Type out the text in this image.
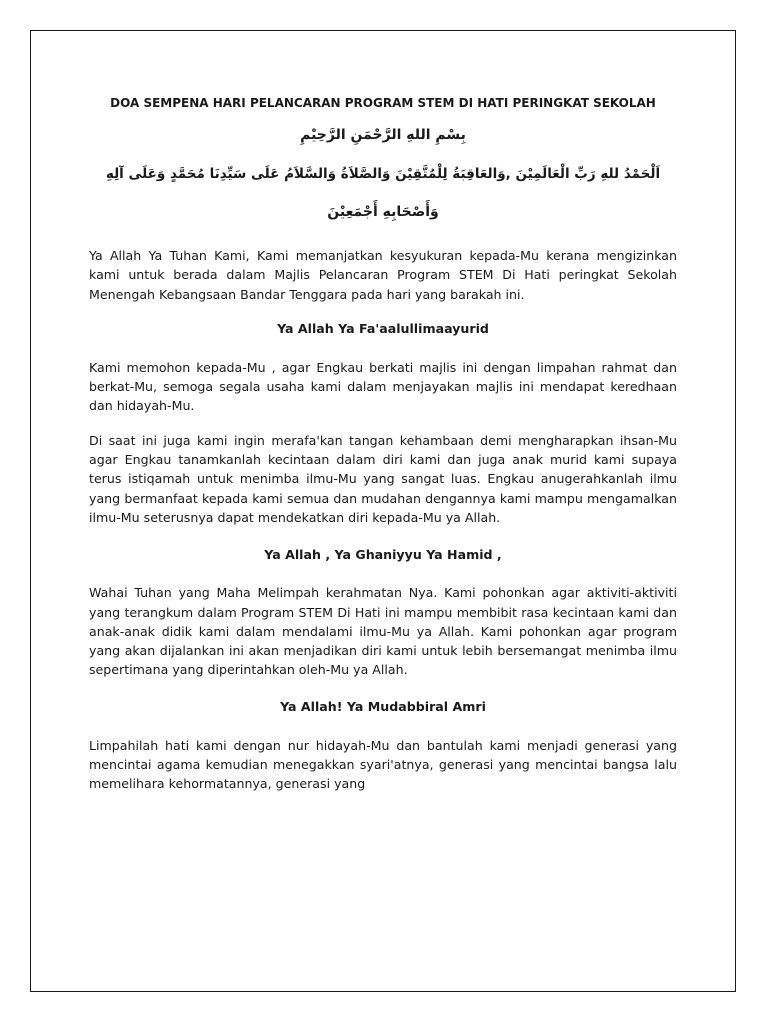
DOA SEMPENA HARI PELANCARAN PROGRAM STEM DI HATI PERINGKAT SEKOLAH

بِسْمِ اللهِ الرَّحْمَنِ الرَّحِيْمِ

اَلْحَمْدُ للهِ رَبِّ الْعَالَمِيْنَ ,وَالعَاقِبَةُ لِلْمُتَّقِيْنَ وَالصَّلاَةُ وَالسَّلاَمُ عَلَى سَيِّدِنَا مُحَمَّدٍ وَعَلَى آلِهِ

وَأَصْحَابِهِ أَجْمَعِيْنَ

Ya Allah Ya Tuhan Kami, Kami memanjatkan kesyukuran kepada-Mu kerana mengizinkan kami untuk berada dalam Majlis Pelancaran Program STEM Di Hati peringkat Sekolah Menengah Kebangsaan Bandar Tenggara pada hari yang barakah ini.

Ya Allah Ya Fa'aalullimaayurid

Kami memohon kepada-Mu , agar Engkau berkati majlis ini dengan limpahan rahmat dan berkat-Mu, semoga segala usaha kami dalam menjayakan majlis ini mendapat keredhaan dan hidayah-Mu.

Di saat ini juga kami ingin merafa'kan tangan kehambaan demi mengharapkan ihsan-Mu agar Engkau tanamkanlah kecintaan dalam diri kami dan juga anak murid kami supaya terus istiqamah untuk menimba ilmu-Mu yang sangat luas. Engkau anugerahkanlah ilmu yang bermanfaat kepada kami semua dan mudahan dengannya kami mampu mengamalkan ilmu-Mu seterusnya dapat mendekatkan diri kepada-Mu ya Allah.

Ya Allah , Ya Ghaniyyu Ya Hamid ,

Wahai Tuhan yang Maha Melimpah kerahmatan Nya. Kami pohonkan agar aktiviti-aktiviti yang terangkum dalam Program STEM Di Hati ini mampu membibit rasa kecintaan kami dan anak-anak didik kami dalam mendalami ilmu-Mu ya Allah. Kami pohonkan agar program yang akan dijalankan ini akan menjadikan diri kami untuk lebih bersemangat menimba ilmu sepertimana yang diperintahkan oleh-Mu ya Allah.

Ya Allah! Ya Mudabbiral Amri

Limpahilah hati kami dengan nur hidayah-Mu dan bantulah kami menjadi generasi yang mencintai agama kemudian menegakkan syari'atnya, generasi yang mencintai bangsa lalu memelihara kehormatannya, generasi yang
